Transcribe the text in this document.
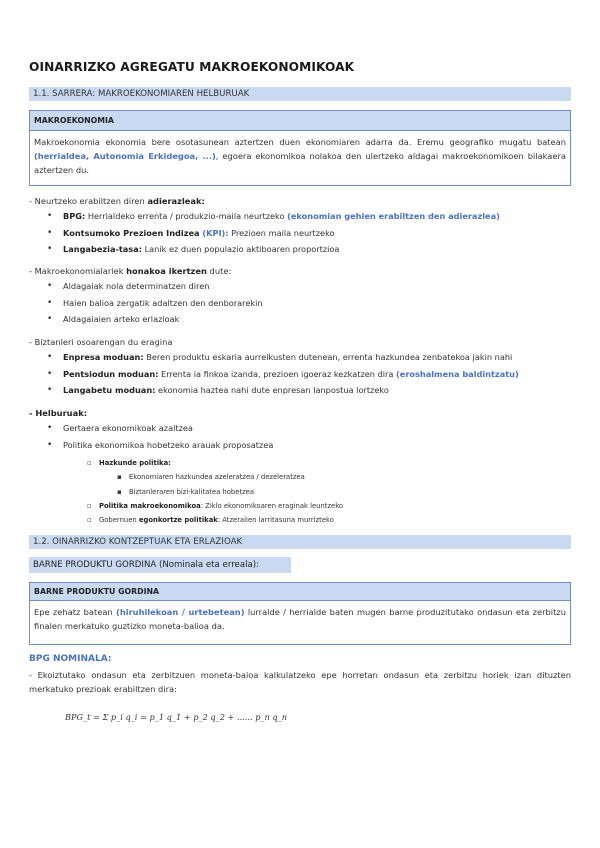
OINARRIZKO AGREGATU MAKROEKONOMIKOAK
1.1. SARRERA: MAKROEKONOMIAREN HELBURUAK
MAKROEKONOMIA
Makroekonomia ekonomia bere osotasunean aztertzen duen ekonomiaren adarra da. Eremu geografiko mugatu batean (herrialdea, Autonomia Erkidegoa, ...), egoera ekonomikoa nolakoa den ulertzeko aldagai makroekonomikoen bilakaera aztertzen du.
- Neurtzeko erabiltzen diren adierazleak:
• BPG: Herrialdeko errenta / produkzio-maila neurtzeko (ekonomian gehien erabiltzen den adierazlea)
• Kontsumoko Prezioen Indizea (KPI): Prezioen maila neurtzeko
• Langabezia-tasa: Lanik ez duen populazio aktiboaren proportzioa
- Makroekonomialariek honakoa ikertzen dute:
• Aldagaiak nola determinatzen diren
• Haien balioa zergatik adaltzen den denborarekin
• Aldagaiaien arteko erlazioak
- Biztanleri osoarengan du eragina
• Enpresa moduan: Beren produktu eskaria aurreikusten dutenean, errenta hazkundea zenbatekoa jakin nahi
• Pentsiodun moduan: Errenta ia finkoa izanda, prezioen igoeraz kezkatzen dira (eroshalmena baldintzatu)
• Langabetu moduan: ekonomia haztea nahi dute enpresan lanpostua lortzeko
- Helburuak:
• Gertaera ekonomikoak azaltzea
• Politika ekonomikoa hobetzeko arauak proposatzea
▫ Hazkunde politika:
▪ Ekonomiaren hazkundea azeleratzea / dezeleratzea
▪ Biztanleraren bizi-kalitatea hobetzea
▫ Politika makroekonomikoa: Ziklo ekonomikoaren eraginak leuntzeko
▫ Gobernuen egonkortze politikak: Atzeralien larritasuna murrizteko
1.2. OINARRIZKO KONTZEPTUAK ETA ERLAZIOAK
BARNE PRODUKTU GORDINA (Nominala eta erreala):
BARNE PRODUKTU GORDINA
Epe zehatz batean (hiruhilekoan / urtebetean) lurralde / herrialde baten mugen barne produzitutako ondasun eta zerbitzu finalen merkatuko guztizko moneta-balioa da.
BPG NOMINALA:
- Ekoiztutako ondasun eta zerbitzuen moneta-baioa kalkulatzeko epe horretan ondasun eta zerbitzu horiek izan dituzten merkatuko prezioak erabiltzen dira:
BPG_t = Σ p_i q_i = p_1 q_1 + p_2 q_2 + ...... p_n q_n
